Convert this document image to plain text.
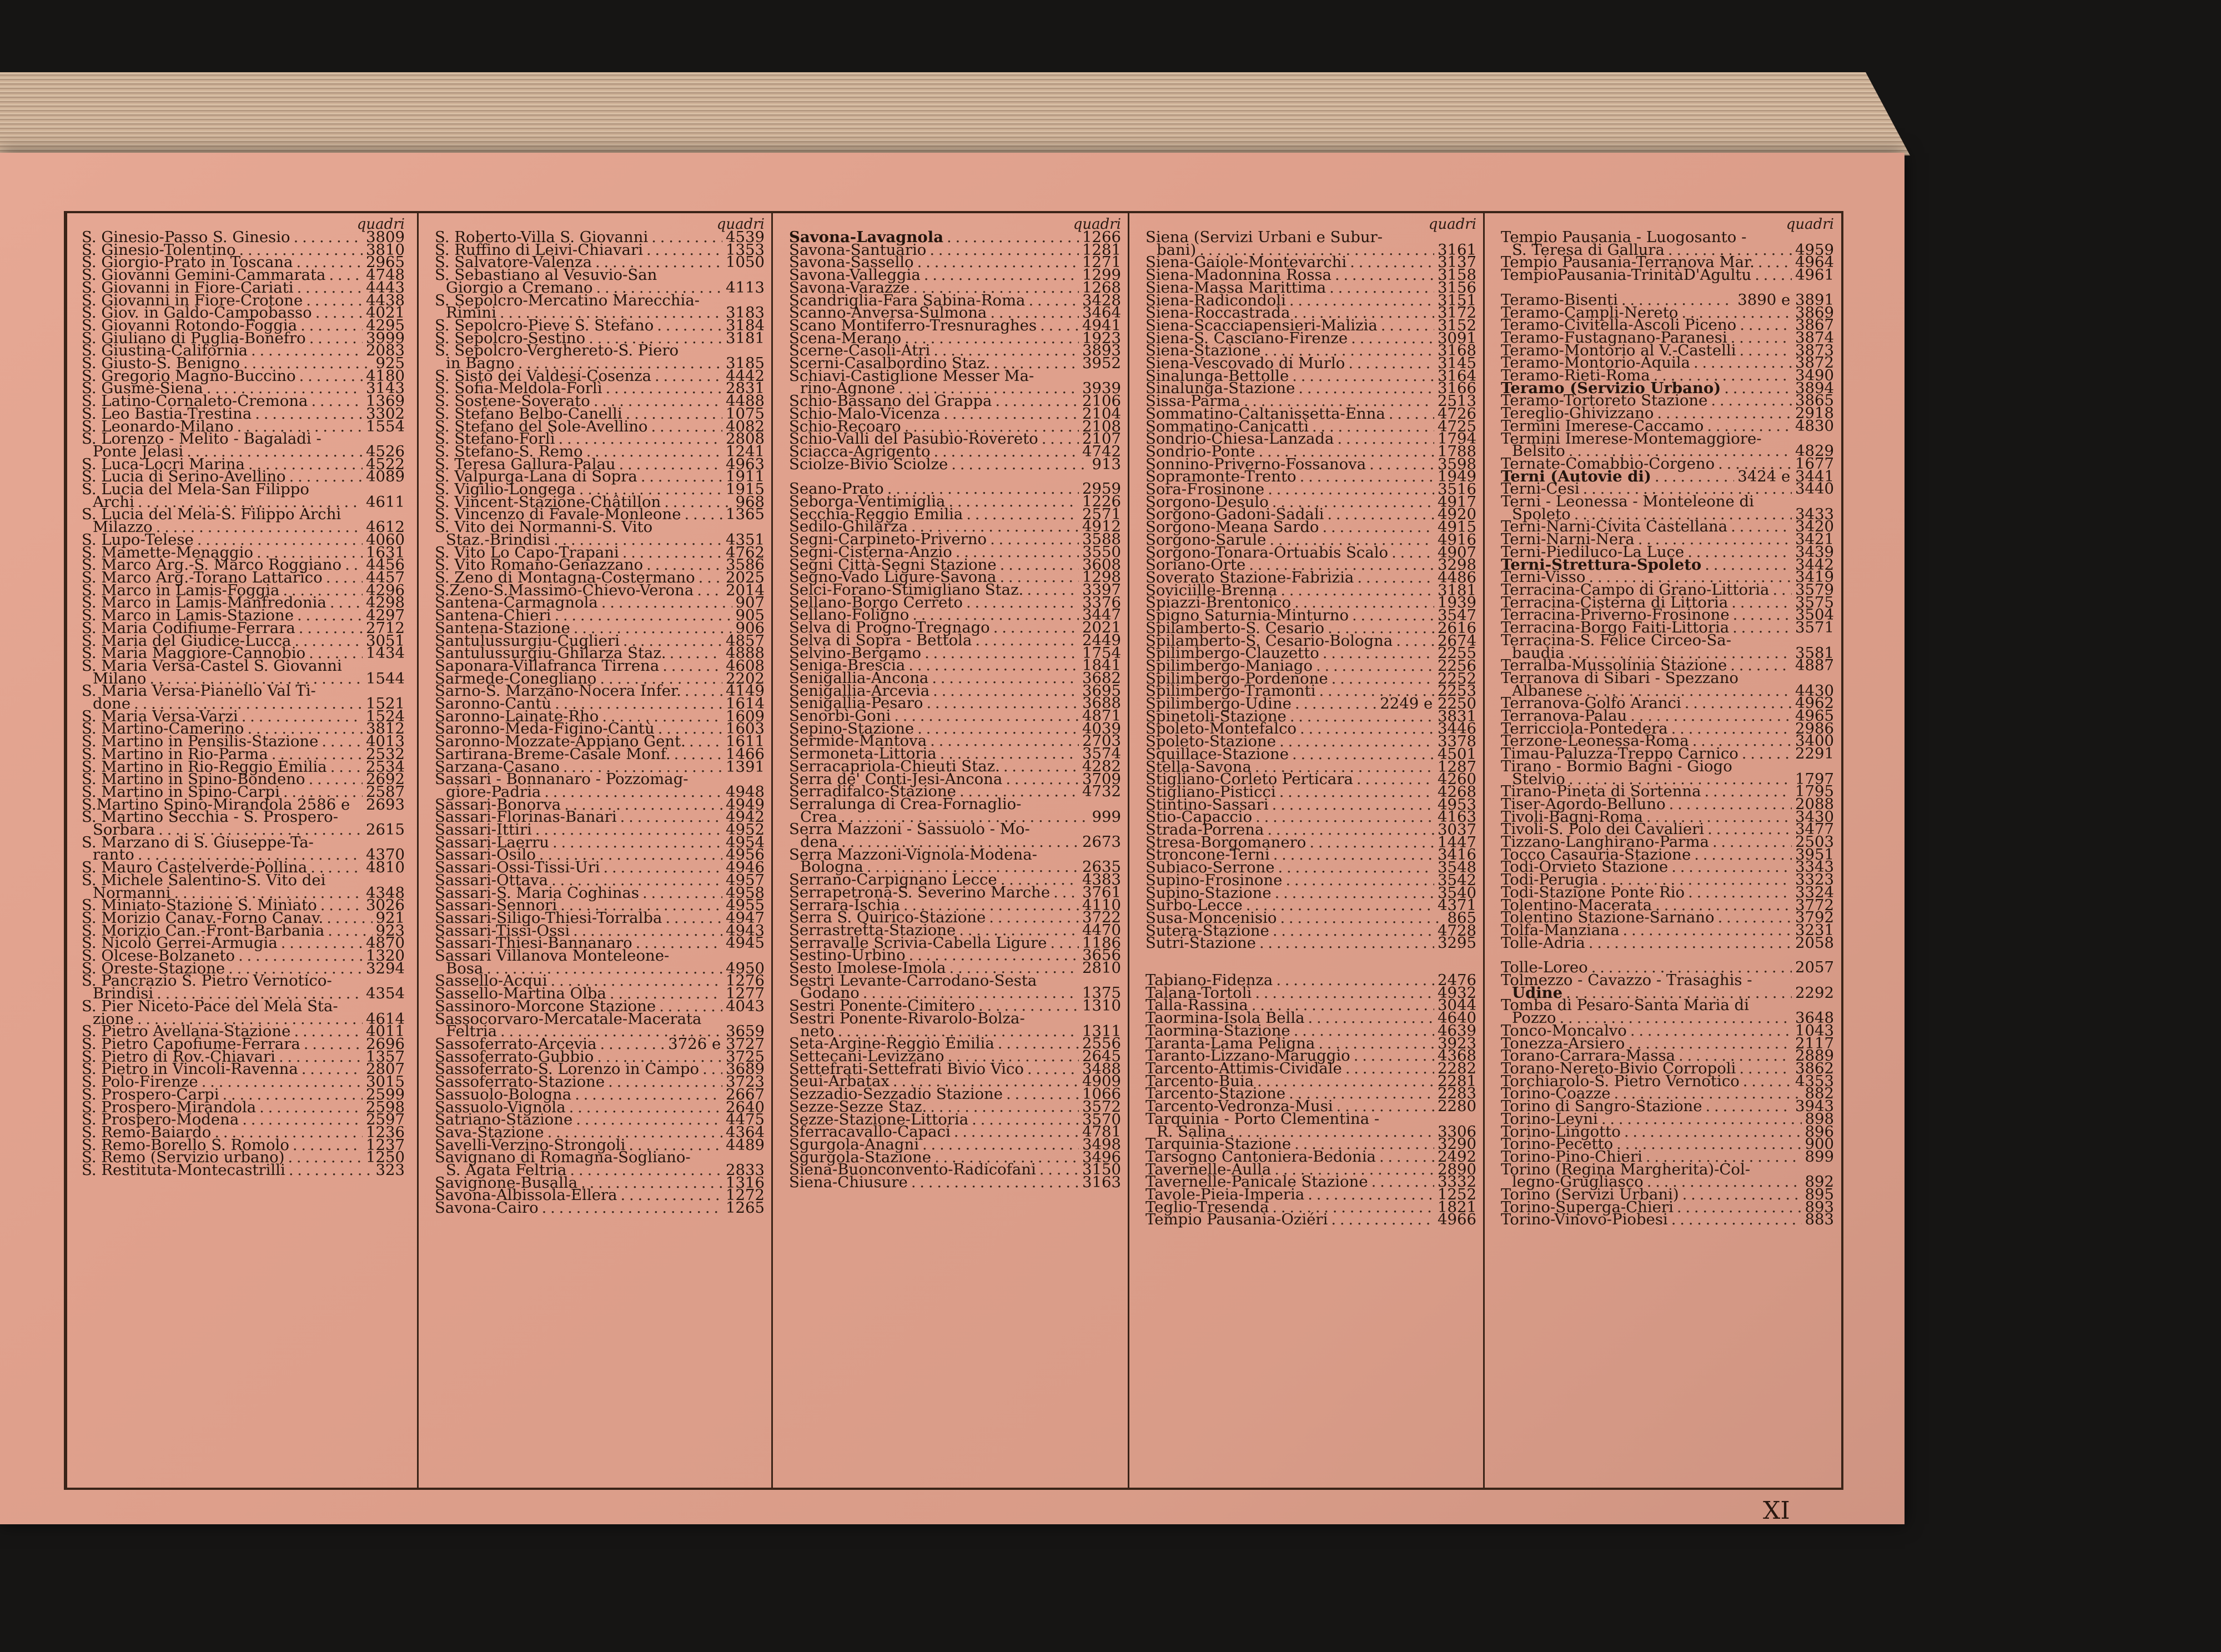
quadri
S. Ginesio-Passo S. Ginesio . . .	3809
S. Ginesio-Tolentino . . .	3810
S. Giorgio-Prato in Toscana . . .	2965
S. Giovanni Gemini-Cammarata . . .	4748
S. Giovanni in Fiore-Cariati . . .	4443
S. Giovanni in Fiore-Crotone . . .	4438
S. Giov. in Galdo-Campobasso . . .	4021
S. Giovanni Rotondo-Foggia . . .	4295
S. Giuliano di Puglia-Bonefro . . .	3999
S. Giustina-California . . .	2083
S. Giusto-S. Benigno . . .	925
S. Gregorio Magno-Buccino . . .	4180
S. Gusmè-Siena . . .	3143
S. Latino-Cornaleto-Cremona . . .	1369
S. Leo Bastia-Trestina . . .	3302
S. Leonardo-Milano . . .	1554
S. Lorenzo - Melito - Bagaladi -
Ponte Jelasi . . .	4526
S. Luca-Locri Marina . . .	4522
S. Lucia di Serino-Avellino . . .	4089
S. Lucia del Mela-San Filippo
Archi . . .	4611
S. Lucia del Mela-S. Filippo Archi
Milazzo . . .	4612
S. Lupo-Telese . . .	4060
S. Mamette-Menaggio . . .	1631
S. Marco Arg.-S. Marco Roggiano . . . 4456
S. Marco Arg.-Torano Lattarico . . .	4457
S. Marco in Lamis-Foggia . . .	4296
S. Marco in Lamis-Manfredonia . . .	4298
S. Marco in Lamis-Stazione . . .	4297
S. Maria Codifiume-Ferrara . . .	2712
S. Maria del Giudice-Lucca . . .	3051
S. Maria Maggiore-Cannobio . . .	1434
S. Maria Versa-Castel S. Giovanni
Milano . . .	1544
S. Maria Versa-Pianello Val Ti-
done . . .	1521
S. Maria Versa-Varzi . . .	1524
S. Martino-Camerino . . .	3812
S. Martino in Pensilis-Stazione . . .	4013
S. Martino in Rio-Parma . . .	2532
S. Martino in Rio-Reggio Emilia . . .	2534
S. Martino in Spino-Bondeno . . .	2692
S. Martino in Spino-Carpi . . .	2587
S.Martino Spino-Mirandola 2586 e 2693
S. Martino Secchia - S. Prospero-
Sorbara . . .	2615
S. Marzano di S. Giuseppe-Ta-
ranto . . .	4370
S. Mauro Castelverde-Pollina . . .	4810
S. Michele Salentino-S. Vito dei
Normanni . . .	4348
S. Miniato-Stazione S. Miniato . . .	3026
S. Morizio Canav.-Forno Canav. . . .	921
S. Morizio Can.-Front-Barbania . . .	923
S. Nicolò Gerrei-Armugia . . .	4870
S. Olcese-Bolzaneto . . .	1320
S. Oreste-Stazione . . .	3294
S. Pancrazio S. Pietro Vernotico-
Brindisi . . .	4354
S. Pier Niceto-Pace del Mela Sta-
zione . . .	4614
S. Pietro Avellana-Stazione . . .	4011
S. Pietro Capofiume-Ferrara . . .	2696
S. Pietro di Rov.-Chiavari . . .	1357
S. Pietro in Vincoli-Ravenna . . .	2807
S. Polo-Firenze . . .	3015
S. Prospero-Carpi . . .	2599
S. Prospero-Mirandola . . .	2598
S. Prospero-Modena . . .	2597
S. Remo-Baiardo . . .	1236
S. Remo-Borello S. Romolo . . .	1237
S. Remo (Servizio urbano) . . .	1250
S. Restituta-Montecastrilli . . .	323
quadri
S. Roberto-Villa S. Giovanni . . .	4539
S. Ruffino di Leivi-Chiavari . . .	1353
S. Salvatore-Valenza . . .	1050
S. Sebastiano al Vesuvio-San
Giorgio a Cremano . . .	4113
S. Sepolcro-Mercatino Marecchia-
Rimini . . .	3183
S. Sepolcro-Pieve S. Stefano . . .	3184
S. Sepolcro-Sestino . . .	3181
S. Sepolcro-Verghereto-S. Piero
in Bagno . . .	3185
S. Sisto dei Valdesi-Cosenza . . .	4442
S. Sofia-Meldola-Forlì . . .	2831
S. Sostene-Soverato . . .	4488
S. Stefano Belbo-Canelli . . .	1075
S. Stefano del Sole-Avellino . . .	4082
S. Stefano-Forlì . . .	2808
S. Stefano-S. Remo . . .	1241
S. Teresa Gallura-Palau . . .	4963
S. Valpurga-Lana di Sopra . . .	1911
S. Vigilio-Longega . . .	1915
S. Vincent-Stazione-Châtillon . . .	968
S. Vincenzo di Favale-Monleone . . .	1365
S. Vito dei Normanni-S. Vito
Staz.-Brindisi . . .	4351
S. Vito Lo Capo-Trapani . . .	4762
S. Vito Romano-Genazzano . . .	3586
S. Zeno di Montagna-Costermano . . . 2025
S.Zeno-S.Massimo-Chievo-Verona . . . 2014
Santena-Carmagnola . . .	907
Santena-Chieri . . .	905
Santena-Stazione . . .	906
Santulussurgiu-Cuglieri . . .	4857
Santulussurgiu-Ghilarza Staz. . . .	4888
Saponara-Villafranca Tirrena . . .	4608
Sarmede-Conegliano . . .	2202
Sarno-S. Marzano-Nocera Infer. . . .	4149
Saronno-Cantù . . .	1614
Saronno-Lainate-Rho . . .	1609
Saronno-Meda-Figino-Cantù . . .	1603
Saronno-Mozzate-Appiano Gent. . . .	1611
Sartirana-Breme-Casale Monf. . . .	1466
Sarzana-Casano . . .	1391
Sassari - Bonnanaro - Pozzomag-
giore-Padria . . .	4948
Sassari-Bonorva . . .	4949
Sassari-Florinas-Banari . . .	4942
Sassari-Ittiri . . .	4952
Sassari-Laerru . . .	4954
Sassari-Osilo . . .	4956
Sassari-Ossi-Tissi-Uri . . .	4946
Sassari-Ottava . . .	4957
Sassari-S. Maria Coghinas . . .	4958
Sassari-Sennori . . .	4955
Sassari-Siligo-Thiesi-Torralba . . .	4947
Sassari-Tissi-Ossi . . .	4943
Sassari-Thiesi-Bannanaro . . .	4945
Sassari Villanova Monteleone-
Bosa . . .	4950
Sassello-Acqui . . .	1276
Sassello-Martina Olba . . .	1277
Sassinoro-Morcone Stazione . . .	4043
Sassocorvaro-Mercatale-Macerata
Feltria . . .	3659
Sassoferrato-Arcevia . . .	3726 e 3727
Sassoferrato-Gubbio . . .	3725
Sassoferrato-S. Lorenzo in Campo . . . 3689
Sassoferrato-Stazione . . .	3723
Sassuolo-Bologna . . .	2667
Sassuolo-Vignola . . .	2640
Satriano-Stazione . . .	4475
Sava-Stazione . . .	4364
Savelli-Verzino-Strongoli . . .	4489
Savignano di Romagna-Sogliano-
S. Agata Feltria . . .	2833
Savignone-Busalla . . .	1316
Savona-Albissola-Ellera . . .	1272
Savona-Cairo . . .	1265
quadri
Savona-Lavagnola . . .	1266
Savona-Santuario . . .	1281
Savona-Sassello . . .	1271
Savona-Valleggia . . .	1299
Savona-Varazze . . .	1268
Scandriglia-Fara Sabina-Roma . . .	3428
Scanno-Anversa-Sulmona . . .	3464
Scano Montiferro-Tresnuraghes . . .	4941
Scena-Merano . . .	1923
Scerne-Casoli-Atri . . .	3893
Scerni-Casalbordino Staz. . . .	3952
Schiavi-Castiglione Messer Ma-
rino-Agnone . . .	3939
Schio-Bassano del Grappa . . .	2106
Schio-Malo-Vicenza . . .	2104
Schio-Recoaro . . .	2108
Schio-Valli del Pasubio-Rovereto . . .	2107
Sciacca-Agrigento . . .	4742
Sciolze-Bivio Sciolze . . .	913
Seano-Prato . . .	2959
Seborga-Ventimiglia . . .	1226
Secchia-Reggio Emilia . . .	2571
Sedilo-Ghilarza . . .	4912
Segni-Carpineto-Priverno . . .	3588
Segni-Cisterna-Anzio . . .	3550
Segni Città-Segni Stazione . . .	3608
Segno-Vado Ligure-Savona . . .	1298
Selci-Forano-Stimigliano Staz. . . .	3397
Sellano-Borgo Cerreto . . .	3376
Sellano-Foligno . . .	3447
Selva di Progno-Tregnago . . .	2021
Selva di Sopra - Bettola . . .	2449
Selvino-Bergamo . . .	1754
Seniga-Brescia . . .	1841
Senigallia-Ancona . . .	3682
Senigallia-Arcevia . . .	3695
Senigallia-Pesaro . . .	3688
Senorbì-Goni . . .	4871
Sepino-Stazione . . .	4039
Sermide-Mantova . . .	2703
Sermoneta-Littoria . . .	3574
Serracapriola-Chieuti Staz. . . .	4282
Serra de' Conti-Jesi-Ancona . . .	3709
Serradifalco-Stazione . . .	4732
Serralunga di Crea-Fornaglio-
Crea . . .	999
Serra Mazzoni - Sassuolo - Mo-
dena . . .	2673
Serra Mazzoni-Vignola-Modena-
Bologna . . .	2635
Serrano-Carpignano Lecce . . .	4383
Serrapetrona-S. Severino Marche . . . 3761
Serrara-Ischia . . .	4110
Serra S. Quirico-Stazione . . .	3722
Serrastretta-Stazione . . .	4470
Serravalle Scrivia-Cabella Ligure . . . 1186
Sestino-Urbino . . .	3656
Sesto Imolese-Imola . . .	2810
Sestri Levante-Carrodano-Sesta
Godano . . .	1375
Sestri Ponente-Cimitero . . .	1310
Sestri Ponente-Rivarolo-Bolza-
neto . . .	1311
Seta-Argine-Reggio Emilia . . .	2556
Settecani-Levizzano . . .	2645
Settefrati-Settefrati Bivio Vico . . .	3488
Seui-Arbatax . . .	4909
Sezzadio-Sezzadio Stazione . . .	1066
Sezze-Sezze Staz. . . .	3572
Sezze-Stazione-Littoria . . .	3570
Sferracavallo-Capaci . . .	4781
Sgurgola-Anagni . . .	3498
Sgurgola-Stazione . . .	3496
Siena-Buonconvento-Radicofani . . .	3150
Siena-Chiusure . . .	3163
quadri
Siena (Servizi Urbani e Subur-
bani) . . .	3161
Siena-Gaiole-Montevarchi . . .	3137
Siena-Madonnina Rossa . . .	3158
Siena-Massa Marittima . . .	3156
Siena-Radicondoli . . .	3151
Siena-Roccastrada . . .	3172
Siena-Scacciapensieri-Malizia . . .	3152
Siena-S. Casciano-Firenze . . .	3091
Siena-Stazione . . .	3168
Siena-Vescovado di Murlo . . .	3145
Sinalunga-Bettolle . . .	3164
Sinalunga-Stazione . . .	3166
Sissa-Parma . . .	2513
Sommatino-Caltanissetta-Enna . . .	4726
Sommatino-Canicattì . . .	4725
Sondrio-Chiesa-Lanzada . . .	1794
Sondrio-Ponte . . .	1788
Sonnino-Priverno-Fossanova . . .	3598
Sopramonte-Trento . . .	1949
Sora-Frosinone . . .	3516
Sorgono-Desulo . . .	4917
Sorgono-Gadoni-Sadali . . .	4920
Sorgono-Meana Sardo . . .	4915
Sorgono-Sarule . . .	4916
Sorgono-Tonara-Ortuabis Scalo . . .	4907
Soriano-Orte . . .	3298
Soverato Stazione-Fabrizia . . .	4486
Soviciille-Brenna . . .	3181
Spiazzi-Brentonico . . .	1939
Spigno Saturnia-Minturno . . .	3547
Spilamberto-S. Cesario . . .	2616
Spilamberto-S. Cesario-Bologna . . .	2674
Spilimbergo-Clauzetto . . .	2255
Spilimbergo-Maniago . . .	2256
Spilimbergo-Pordenone . . .	2252
Spilimbergo-Tramonti . . .	2253
Spilimbergo-Udine . . .	2249 e 2250
Spinetoli-Stazione . . .	3831
Spoleto-Montefalco . . .	3446
Spoleto-Stazione . . .	3378
Squillace-Stazione . . .	4501
Stella-Savona . . .	1287
Stigliano-Corleto Perticara . . .	4260
Stigliano-Pisticci . . .	4268
Stintino-Sassari . . .	4953
Stio-Capaccio . . .	4163
Strada-Porrena . . .	3037
Stresa-Borgomanero . . .	1447
Stroncone-Terni . . .	3416
Subiaco-Serrone . . .	3548
Supino-Frosinone . . .	3542
Supino-Stazione . . .	3540
Surbo-Lecce . . .	4371
Susa-Moncenisio . . .	865
Sutera-Stazione . . .	4728
Sutri-Stazione . . .	3295
Tabiano-Fidenza . . .	2476
Talana-Tortolì . . .	4932
Talla-Rassina . . .	3044
Taormina-Isola Bella . . .	4640
Taormina-Stazione . . .	4639
Taranta-Lama Peligna . . .	3923
Taranto-Lizzano-Maruggio . . .	4368
Tarcento-Attimis-Cividale . . .	2282
Tarcento-Buia . . .	2281
Tarcento-Stazione . . .	2283
Tarcento-Vedronza-Musi . . .	2280
Tarquinia - Porto Clementina -
R. Salina . . .	3306
Tarquinia-Stazione . . .	3290
Tarsogno Cantoniera-Bedonia . . .	2492
Tavernelle-Aulla . . .	2890
Tavernelle-Panicale Stazione . . .	3332
Tavole-Pieia-Imperia . . .	1252
Teglio-Tresenda . . .	1821
Tempio Pausania-Oziéri . . .	4966
quadri
Tempio Pausania - Luogosanto -
S. Teresa di Gallura . . .	4959
Tempio Pausania-Terranova Mar. . . .	4964
TempioPausania-TrinitàD'Agultu . . .	4961
Teramo-Bisenti . . .	3890 e 3891
Teramo-Campli-Nereto . . .	3869
Teramo-Civitella-Ascoli Piceno . . .	3867
Teramo-Fustagnano-Paranesi . . .	3874
Teramo-Montorio al V.-Castelli . . .	3873
Teramo-Montorio-Aquila . . .	3872
Teramo-Rieti-Roma . . .	3490
Teramo (Servizio Urbano) . . .	3894
Teramo-Tortoreto Stazione . . .	3865
Tereglio-Ghivizzano . . .	2918
Termini Imerese-Caccamo . . .	4830
Termini Imerese-Montemaggiore-
Belsito . . .	4829
Ternate-Comabbio-Corgeno . . .	1677
Terni (Autovie di) . . .	3424 e 3441
Terni-Cesi . . .	3440
Terni - Leonessa - Monteleone di
Spoleto . . .	3433
Terni-Narni-Civita Castellana . . .	3420
Terni-Narni-Nera . . .	3421
Terni-Piediluco-La Luce . . .	3439
Terni-Strettura-Spoleto . . .	3442
Terni-Visso . . .	3419
Terracina-Campo di Grano-Littoria . . . 3579
Terracina-Cisterna di Littoria . . .	3575
Terracina-Priverno-Frosinone . . .	3504
Terracina-Borgo Faiti-Littoria . . .	3571
Terracina-S. Felice Circeo-Sa-
baudia . . .	3581
Terralba-Mussolinia Stazione . . .	4887
Terranova di Sibari - Spezzano
Albanese . . .	4430
Terranova-Golfo Aranci . . .	4962
Terranova-Palau . . .	4965
Terricciola-Pontedera . . .	2986
Terzone-Leonessa-Roma . . .	3400
Timau-Paluzza-Treppo Carnico . . .	2291
Tirano - Bormio Bagni - Giogo
Stelvio . . .	1797
Tirano-Pineta di Sortenna . . .	1795
Tiser-Agordo-Belluno . . .	2088
Tivoli-Bagni-Roma . . .	3430
Tivoli-S. Polo dei Cavalieri . . .	3477
Tizzano-Langhirano-Parma . . .	2503
Tocco Casauria-Stazione . . .	3951
Todi-Orvieto Stazione . . .	3343
Todi-Perugia . . .	3323
Todi-Stazione Ponte Rio . . .	3324
Tolentino-Macerata . . .	3772
Tolentino Stazione-Sarnano . . .	3792
Tolfa-Manziana . . .	3231
Tolle-Adria . . .	2058
Tolle-Loreo . . .	2057
Tolmezzo - Cavazzo - Trasaghis -
Udine . . .	2292
Tomba di Pesaro-Santa Maria di
Pozzo . . .	3648
Tonco-Moncalvo . . .	1043
Tonezza-Arsiero . . .	2117
Torano-Carrara-Massa . . .	2889
Torano-Nereto-Bivio Corropoli . . .	3862
Torchiarolo-S. Pietro Vernotico . . .	4353
Torino-Coazze . . .	882
Torino di Sangro-Stazione . . .	3943
Torino-Leyni . . .	898
Torino-Lingotto . . .	896
Torino-Pecetto . . .	900
Torino-Pino-Chieri . . .	899
Torino (Regina Margherita)-Col-
legno-Grugliasco . . .	892
Torino (Servizi Urbani) . . .	895
Torino-Superga-Chieri . . .	893
Torino-Vinovo-Piobesi . . .	883
XI
